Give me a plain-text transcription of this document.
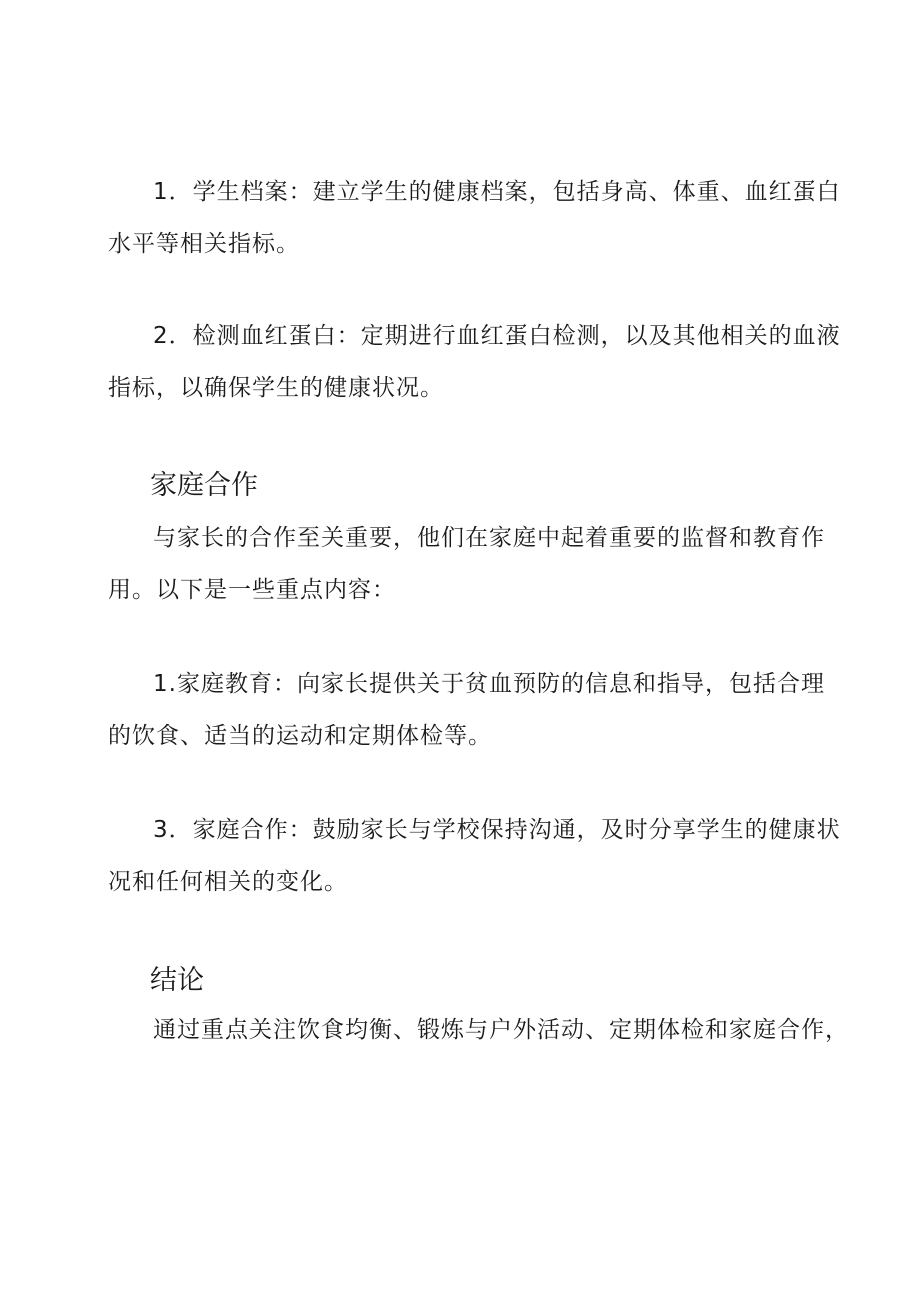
1．学生档案：建立学生的健康档案，包括身高、体重、血红蛋白
水平等相关指标。

2．检测血红蛋白：定期进行血红蛋白检测，以及其他相关的血液
指标，以确保学生的健康状况。

家庭合作

与家长的合作至关重要，他们在家庭中起着重要的监督和教育作
用。以下是一些重点内容：

1.家庭教育：向家长提供关于贫血预防的信息和指导，包括合理
的饮食、适当的运动和定期体检等。

3．家庭合作：鼓励家长与学校保持沟通，及时分享学生的健康状
况和任何相关的变化。

结论

通过重点关注饮食均衡、锻炼与户外活动、定期体检和家庭合作，
